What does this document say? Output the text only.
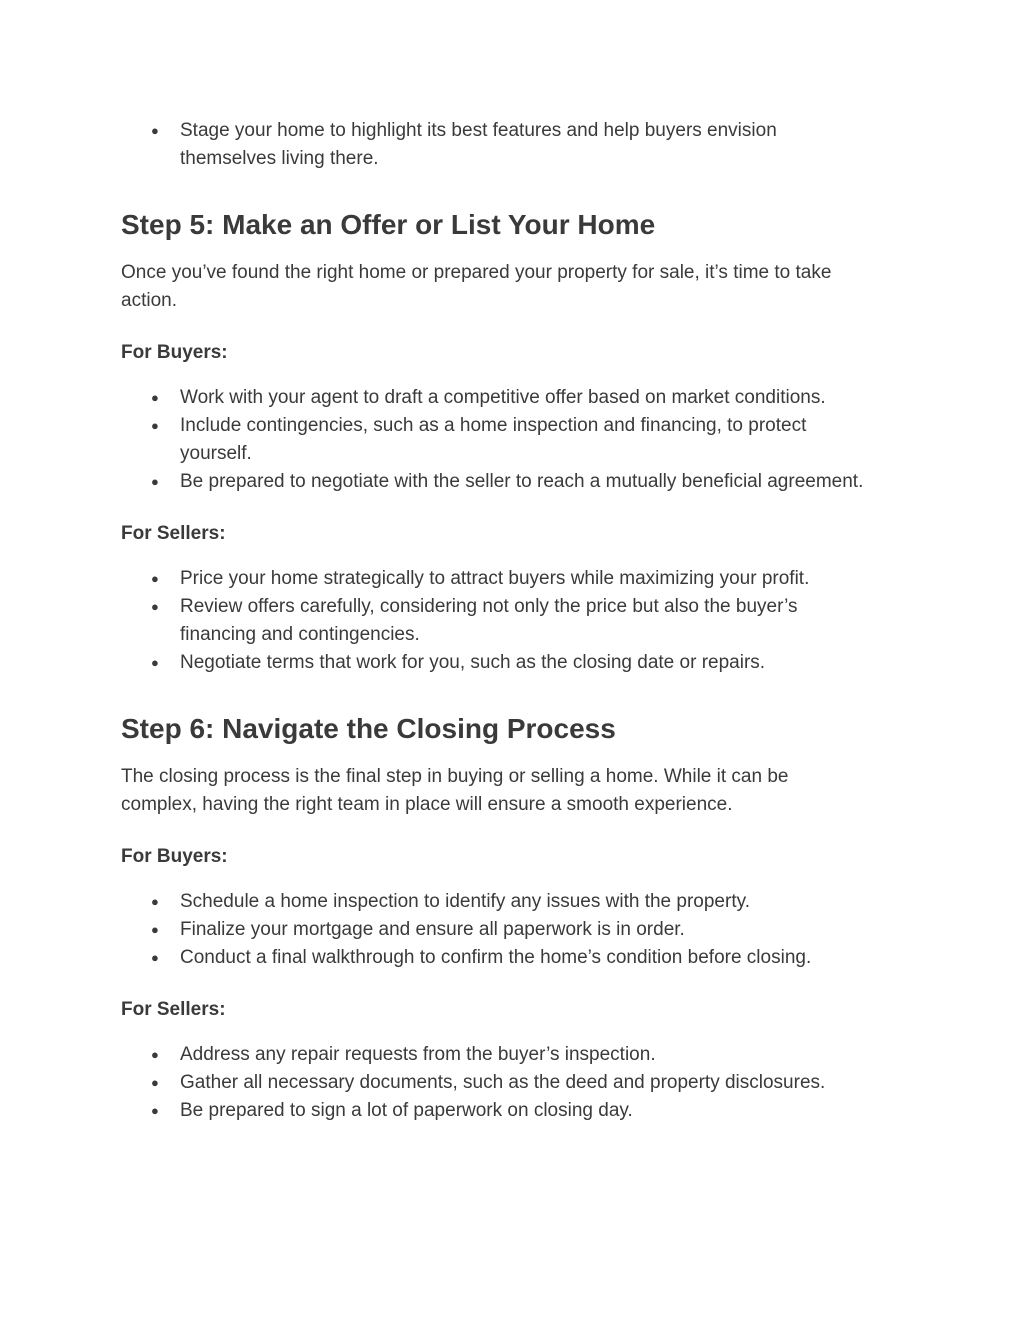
● Stage your home to highlight its best features and help buyers envision themselves living there.
Step 5: Make an Offer or List Your Home

Once you’ve found the right home or prepared your property for sale, it’s time to take action.

For Buyers:
● Work with your agent to draft a competitive offer based on market conditions.
● Include contingencies, such as a home inspection and financing, to protect yourself.
● Be prepared to negotiate with the seller to reach a mutually beneficial agreement.
For Sellers:
● Price your home strategically to attract buyers while maximizing your profit.
● Review offers carefully, considering not only the price but also the buyer’s financing and contingencies.
● Negotiate terms that work for you, such as the closing date or repairs.
Step 6: Navigate the Closing Process

The closing process is the final step in buying or selling a home. While it can be complex, having the right team in place will ensure a smooth experience.

For Buyers:
● Schedule a home inspection to identify any issues with the property.
● Finalize your mortgage and ensure all paperwork is in order.
● Conduct a final walkthrough to confirm the home’s condition before closing.
For Sellers:
● Address any repair requests from the buyer’s inspection.
● Gather all necessary documents, such as the deed and property disclosures.
● Be prepared to sign a lot of paperwork on closing day.
